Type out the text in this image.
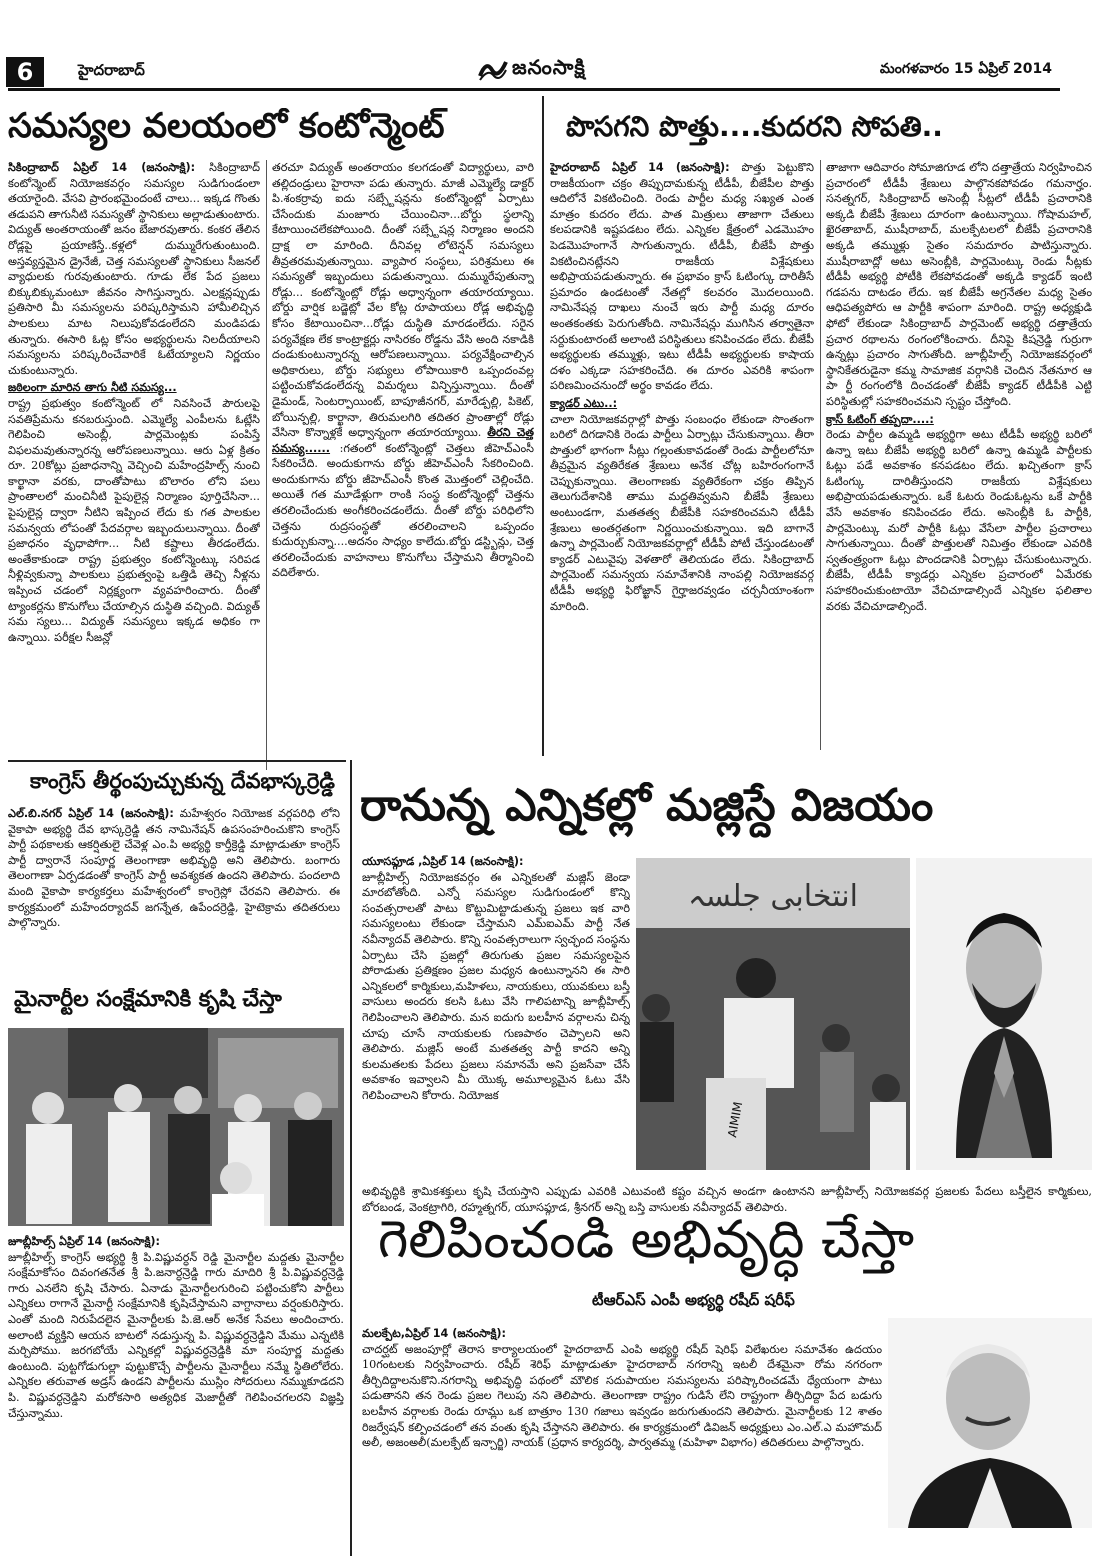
6	హైదరాబాద్	జనంసాక్షి	మంగళవారం 15 ఏప్రిల్ 2014
సమస్యల వలయంలో కంటోన్మెంట్
సికింద్రాబాద్ ఏప్రిల్ 14 (జనంసాక్షి): సికింద్రాబాద్ కంటోన్మెంట్ నియోజకవర్గం సమస్యల సుడిగుండంలా తయారైంది. వేసవి ప్రారంభమైందంటే చాలు... ఇక్కడ గొంతు తడుపని తాగునీటి సమస్యతో స్థానికులు అల్లాడుతుంటారు. విద్యుత్ అంతరాయంతో జనం బేజారవుతారు. కంకర తేలిన రోడ్లపై ప్రయాణిస్తే..కళ్లలో దుమ్మురేగుతుంటుంది. అస్తవ్యస్తమైన డ్రైనేజీ, చెత్త సమస్యలతో స్థానికులు సీజనల్ వ్యాధులకు గురవుతుంటారు. గూడు లేక పేద ప్రజలు బిక్కుబిక్కుమంటూ జీవనం సాగిస్తున్నారు. ఎలక్షన్లప్పుడు ప్రతిసారి మీ సమస్యలను పరిష్కరిస్తామని హామీలిచ్చిన పాలకులు మాట నిలుపుకోవడంలేదని మండిపడు తున్నారు. ఈసారి ఓట్ల కోసం అభ్యర్థులను నిలదీయాలని సమస్యలను పరిష్కరించేవారికే ఓటేయ్యాలని నిర్ణయం చుకుంటున్నారు.
జఠిలంగా మారిన తాగు నీటి సమస్య...
రాష్ట్ర ప్రభుత్వం కంటోన్మెంట్ లో నివసించే పౌరులపై సవతిప్రేమను కనబరుస్తుంది. ఎమ్మెల్యే ఎంపీలను ఓట్లేసి గెలిపించి అసెంబ్లీ, పార్లమెంట్లకు పంపిస్తే విఫలమవుతున్నారన్న ఆరోపణలున్నాయి. ఆరు ఏళ్ల క్రితం రూ. 20కోట్లు ప్రజాధనాన్ని వెచ్చించి మహేంద్రహిల్స్ నుంచి కార్ఖానా వరకు, దాంతోపాటు బొలారం లోని పలు ప్రాంతాలలో మంచినీటి పైపులైన్ల నిర్మాణం పూర్తిచేసినా... పైపులైన్ల ద్వారా నీటిని ఇప్పించ లేదు కు గత పాలకుల సమన్వయ లోపంతో పేదవర్గాల ఇబ్బందులున్నాయి. దీంతో ప్రజాధనం వృధాపోగా... నీటి కష్టాలు తీరడంలేదు. అంతేకాకుండా రాష్ట్ర ప్రభుత్వం కంటోన్మెంట్కు సరిపడ నీళ్లివ్వకున్నా పాలకులు ప్రభుత్వంపై ఒత్తిడి తెచ్చి నీళ్లను ఇప్పించ చడంలో నిర్లక్ష్యంగా వ్యవహరించారు. దీంతో ట్యాంకర్లను కొనుగోలు చేయాల్సిన దుస్థితి వచ్చింది. విద్యుత్ సమ స్యలు... విద్యుత్ సమస్యలు ఇక్కడ అధికం గా ఉన్నాయి. పరీక్షల సీజన్లో
తరచూ విద్యుత్ అంతరాయం కలగడంతో విద్యార్థులు, వారి తల్లిదండ్రులు హైరానా పడు తున్నారు. మాజీ ఎమ్మెల్యే డాక్టర్ పి.శంకర్రావు ఐదు సబ్స్టేషన్లను కంటోన్మెంట్లో ఏర్పాటు చేసేందుకు మంజూరు చేయించినా...బోర్డు స్థలాన్ని కేటాయించలేకపోయింది. దీంతో సబ్స్టేషన్ల నిర్మాణం అందని ద్రాక్ష లా మారింది. దీనివల్ల లోటెన్షన్ సమస్యలు తీవ్రతరమవుతున్నాయి. వ్యాపార సంస్థలు, పరిశ్రమలు ఈ సమస్యతో ఇబ్బందులు పడుతున్నాయి. దుమ్మురేపుతున్నా రోడ్లు... కంటోన్మెంట్లో రోడ్లు అధ్వాన్నంగా తయారయ్యాయి. బోర్డు వార్షిక బడ్జెట్లో వేల కోట్ల రూపాయలు రోడ్ల అభివృద్ధి కోసం కేటాయించినా...రోడ్లు దుస్థితి మారడంలేదు. సరైన పర్యవేక్షణ లేక కాంట్రాక్టర్లు నాసిరకం రోడ్డను వేసి అంది నకాడికి దండుకుంటున్నారన్న ఆరోపణలున్నాయి. పర్యవేక్షించాల్సిన అధికారులు, బోర్డు సభ్యులు లోపాయికారి ఒప్పందంవల్ల పట్టించుకోవడంలేదన్న విమర్శలు విన్పిస్తున్నాయి. దీంతో డైమండ్, సెంటర్పాయింట్, బాపూజీనగర్, మారేడ్పల్లి, పికెట్, బోయిన్పల్లి, కార్ఖానా, తిరుమలగిరి తదితర ప్రాంతాల్లో రోడ్లు వేసినా కొన్నాళ్లకే అధ్వాన్నంగా తయారయ్యాయి. తీరని చెత్త సమస్య...... :గతంలో కంటోన్మెంట్లో చెత్తలు జీహెచ్ఎంసీ సేకరించేది. అందుకుగాను బోర్డు జీహెచ్ఎంసీ సేకరించింది. అందుకుగాను బోర్డు జీహెచ్ఎంసీ కొంత మొత్తంలో చెల్లించేది. అయితే గత మూడేళ్లుగా రాంకి సంస్థ కంటోన్మెంట్లో చెత్తను తరలించేందుకు అంగీకరించడంలేదు. దీంతో బోర్డు పరిధిలోని చెత్తను రుద్రసంస్థతో తరలించాలని ఒప్పందం కుదుర్చుకున్నా....అదనం సాధ్యం కాలేదు.బోర్డు డస్ట్బిన్లు, చెత్త తరలించేందుకు వాహనాలు కొనుగోలు చేస్తామని తీర్మానించి వదిలేశారు.
పొసగని పొత్తు....కుదరని సోపతి..
హైదరాబాద్ ఏప్రిల్ 14 (జనంసాక్షి): పొత్తు పెట్టుకొని రాజకీయంగా చక్రం తిప్పుదామకున్న టీడీపీ, బీజేపీల పొత్తు ఆదిలోనే వికటించింది. రెండు పార్టీల మధ్య సఖ్యత ఎంత మాత్రం కుదరం లేదు. పాత మిత్రులు తాజాగా చేతులు కలపడానికి ఇష్టపడటం లేదు. ఎన్నికల క్షేత్రంలో ఎడమొహం పెడమొహంగానే సాగుతున్నారు. టీడీపీ, బీజేపీ పొత్తు వికటించినట్లేనని రాజకీయ విశ్లేషకులు అభిప్రాయపడుతున్నారు. ఈ ప్రభావం క్రాస్ ఓటింగ్కు దారితీసే ప్రమాదం ఉండటంతో నేతల్లో కలవరం మొదలయింది. నామినేషన్ల దాఖలు నుంచే ఇరు పార్టీ మధ్య దూరం అంతకంతకు పెరుగుతోంది. నామినేషన్లు ముగిసిన తర్వాతైనా సర్దుకుంటారంటే అలాంటి పరిస్థితులు కనిపించడం లేదు. బీజేపీ అభ్యర్థులకు తమ్ముళ్లు, ఇటు టీడీపీ అభ్యర్థులకు కాషాయ దళం ఎక్కడా సహకరించేది. ఈ దూరం ఎవరికి శాపంగా పరిణమించనుందో అర్థం కావడం లేదు.
క్యాడర్ ఎటు..:
చాలా నియోజకవర్గాల్లో పొత్తు సంబంధం లేకుండా సొంతంగా బరిలో దిగడానికి రెండు పార్టీలు ఏర్పాట్లు చేసుకున్నాయి. తీరా పొత్తులో భాగంగా సీట్లు గల్లంతుకావడంతో రెండు పార్టీలలోనూ తీవ్రమైన వ్యతిరేకత శ్రేణులు అనేక చోట్ల బహిరంగంగానే చెప్పుకున్నాయి. తెలంగాణకు వ్యతిరేకంగా చక్రం తిప్పిన తెలుగుదేశానికి తాము మద్దతివ్వమని బీజేపీ శ్రేణులు అంటుండగా, మతతత్వ బీజేపీకి సహకరించమని టీడీపీ శ్రేణులు అంతర్గతంగా నిర్ణయించుకున్నాయి. ఇది బాగానే ఉన్నా పార్లమెంట్ నియోజకవర్గాల్లో టీడీపీ పోటీ చేస్తుండటంతో క్యాడర్ ఎటువైపు వెళతారో తెలియడం లేదు. సికింద్రాబాద్ పార్లమెంట్ సమన్వయ సమావేశానికి నాంపల్లి నియోజకవర్గ టీడీపీ అభ్యర్థి ఫిరోజ్ఖాన్ గైర్హాజరవ్వడం చర్చనీయాంశంగా మారింది.
తాజాగా ఆదివారం సోమాజిగూడ లోని దత్తాత్రేయ నిర్వహించిన ప్రచారంలో టీడీపీ శ్రేణులు పాల్గొనకపోవడం గమనార్హం. సనత్నగర్, సికింద్రాబాద్ అసెంబ్లీ సీట్లలో టీడీపీ ప్రచారానికి అక్కడి బీజేపీ శ్రేణులు దూరంగా ఉంటున్నాయి. గోషామహల్, ఖైరతాబాద్, ముషీరాబాద్, మలక్పేటలలో బీజేపీ ప్రచారానికి అక్కడి తమ్ముళ్లు సైతం సమదూరం పాటిస్తున్నారు. ముషీరాబాద్లో అటు అసెంబ్లీకి, పార్లమెంట్కు రెండు సీట్లకు టీడీపీ అభ్యర్థి పోటీకి లేకపోవడంతో అక్కడి క్యాడర్ ఇంటి గడపను దాటడం లేదు. ఇక బీజేపీ అగ్రనేతల మధ్య సైతం ఆధిపత్యపోరు ఆ పార్టీకి శాపంగా మారింది. రాష్ట్ర అధ్యక్షుడి ఫోటో లేకుండా సికింద్రాబాద్ పార్లమెంట్ అభ్యర్థి దత్తాత్రేయ ప్రచార రథాలను రంగంలోకించారు. దీనిపై కిషన్రెడ్డి గుర్రుగా ఉన్నట్లు ప్రచారం సాగుతోంది. జూబ్లీహిల్స్ నియోజకవర్గంలో స్థానికేతరుడైనా కమ్మ సామాజిక వర్గానికి చెందిన నేతనూర ఆ పా ర్టీ రంగంలోకి దించడంతో బీజేపీ క్యాడర్ టీడీపీకి ఎట్టి పరిస్థితుల్లో సహకరించమని స్పష్టం చేస్తోంది.
క్రాస్ ఓటింగ్ తప్పదా....:
రెండు పార్టీల ఉమ్మడి అభ్యర్థిగా అటు టీడీపీ అభ్యర్థి బరిలో ఉన్నా ఇటు బీజేపీ అభ్యర్థి బరిలో ఉన్నా ఉమ్మడి పార్టీలకు ఓట్లు పడే అవకాశం కనపడటం లేదు. ఖచ్చితంగా క్రాస్ ఓటింగ్కు దారితీస్తుందని రాజకీయ విశ్లేషకులు అభిప్రాయపడుతున్నారు. ఒకే ఓటరు రెండుఓట్లను ఒకే పార్టీకి వేసే అవకాశం కనిపించడం లేదు. అసెంబ్లీకి ఓ పార్టీకి, పార్లమెంట్కు మరో పార్టీకి ఓట్లు వేసేలా పార్టీల ప్రచారాలు సాగుతున్నాయి. దీంతో పొత్తులతో నిమిత్తం లేకుండా ఎవరికి స్వతంత్ర్యంగా ఓట్లు పొందడానికి ఏర్పాట్లు చేసుకుంటున్నారు. బీజేపీ, టీడీపీ క్యాడర్లు ఎన్నికల ప్రచారంలో ఏమేరకు సహకరించుకుంటాయో వేచిచూడాల్సిందే ఎన్నికల ఫలితాల వరకు వేచిచూడాల్సిందే.
కాంగ్రెస్ తీర్థంపుచ్చుకున్న దేవభాస్కర్రెడ్డి
ఎల్.బి.నగర్ ఏప్రిల్ 14 (జనంసాక్షి): మహేశ్వరం నియోజక వర్గపరిధి లోని వైకాపా అభ్యర్థి దేవ భాస్కర్రెడ్డి తన నామినేషన్ ఉపసంహరించుకొని కాంగ్రెస్ పార్టీ పథకాలకు ఆకర్షితులై చేవెళ్ల ఎం.పి అభ్యర్థి కార్తీక్రెడ్డి మాట్లాడుతూ కాంగ్రెస్ పార్టీ ద్వారానే సంపూర్ణ తెలంగాణా అభివృద్ధి అని తెలిపారు. బంగారు తెలంగాణా ఏర్పడడంతో కాంగ్రెస్ పార్టీ అవశ్యకత ఉందని తెలిపారు. పందలాది మంది వైకాపా కార్యకర్తలు మహేశ్వరంలో కాంగ్రెస్లో చేరవని తెలిపారు. ఈ కార్యక్రమంలో మహేందర్యాదవ్ జగన్నేత, ఉపేందర్రెడ్డి, హైటెక్రామ తదితరులు పాల్గొన్నారు.
మైనార్టీల సంక్షేమానికి కృషి చేస్తా
జూబ్లీహిల్స్ ఏప్రిల్ 14 (జనంసాక్షి):
జూబ్లీహిల్స్ కాంగ్రెస్ అభ్యర్థి శ్రీ పి.విష్ణువర్ధన్ రెడ్డి మైనార్టీల మద్దతు మైనార్టీల సంక్షేమాకోసం దివంగతనేత శ్రీ పి.జనార్ధన్రెడ్డి గారు మాదిరి శ్రీ పి.విష్ణువర్ధన్రెడ్డి గారు ఎనలేని కృషి చేసారు. ఏనాడు మైనార్టీలగురించి పట్టించుకోని పార్టీలు ఎన్నికలు రాగానే మైనార్టీ సంక్షేమానికి కృషిచేస్తామని వాగ్దానాలు వర్షంకురిస్తారు. ఎంతో మంది నిరుపేదలైన మైనార్టీలకు పి.జె.ఆర్ అనేక సేవలు అందించారు. అలాంటి వ్యక్తిని ఆయన బాటలో నడుస్తున్న పి. విష్ణువర్ధన్రెడ్డిని మేము ఎన్నటికి మర్చిపోము. జరగబోయే ఎన్నికల్లో విష్ణువర్ధన్రెడ్డికి మా సంపూర్ణ మద్దతు ఉంటుంది. పుట్టగోడుగుల్లా పుట్టుకొచ్చే పార్టీలను మైనార్టీలు నమ్మే స్థితిలోలేరు. ఎన్నికల తరువాత అడ్రస్ ఉండని పార్టీలను ముస్లిం సోదరులు నమ్ముకూడదని పి. విష్ణువర్ధన్రెడ్డిని మరోకసారి అత్యధిక మెజార్టీతో గెలిపించగలరని విజ్ఞప్తి చేస్తున్నాము.
రానున్న ఎన్నికల్లో మజ్లిస్దే విజయం
యూసఫ్గూడ ,ఏప్రిల్ 14 (జనంసాక్షి):
జూబ్లీహిల్స్ నియోజకవర్గం ఈ ఎన్నికలతో మజ్లిస్ జెండా మారబోతోంది. ఎన్నో సమస్యల సుడిగుండంలో కొన్ని సంవత్సరాలతో పాటు కొట్టుమిట్టాడుతున్న ప్రజలు ఇక వారి సమస్యలంటు లేకుండా చేస్తామని ఎమ్ఐఎమ్ పార్టీ నేత నవీన్యాదవ్ తెలిపారు. కొన్ని సంవత్సరాలుగా స్వచ్ఛంద సంస్థను ఏర్పాటు చేసి ప్రజల్లో తిరుగుతు ప్రజల సమస్యలపైన పోరాడుతు ప్రతిక్షణం ప్రజల మధ్యన ఉంటున్నానని ఈ సారి ఎన్నికలలో కార్మికులు,మహిళలు, నాయకులు, యువకులు బస్తీ వాసులు అందరు కలసి ఓటు వేసి గాలిపటాన్ని జూబ్లీహిల్స్ గెలిపించాలని తెలిపారు. మన ఐదుగు బలహీన వర్గాలను చిన్న చూపు చూసే నాయకులకు గుణపాఠం చెప్పాలని అని తెలిపారు. మజ్లిస్ అంటే మతతత్వ పార్టీ కాదని అన్ని కులమతలకు పేదలు ప్రజలు సమానమే అని ప్రజసేవా చేసే అవకాశం ఇవ్వాలని మీ యొక్క అమూల్యమైన ఓటు వేసి గెలిపించాలని కోరారు. నియోజక
انتخابی جلسہ
AIMIM
అభివృద్ధికి శ్రామికశక్తులు కృషి చేయస్తాని ఎప్పుడు ఎవరికి ఎటువంటి కష్టం వచ్చిన అండగా ఉంటానని జూబ్లీహిల్స్ నియోజకవర్గ ప్రజలకు పేదలు బస్తీలైన కార్మికులు, బోరబండ, వెంకట్రాగిరి, రహ్మత్నగర్, యూసఫ్గూడ, శ్రీనగర్ అన్ని బస్తి వాసులకు నవీన్యాదవ్ తెలిపారు.
గెలిపించండి అభివృద్ధి చేస్తా
టీఆర్ఎస్ ఎంపీ అభ్యర్థి రషీద్ షరీఫ్
మలక్పేట,ఏప్రిల్ 14 (జనంసాక్షి):
చాదర్ఘట్ అజంపూర్లో తెరాస కార్యాలయంలో హైదరాబాద్ ఎంపి అభ్యర్థి రషీద్ షెరిఫ్ విలేఖరుల సమావేశం ఉదయం 10గంటలకు నిర్వహించారు. రషీద్ శెరిఫ్ మాట్లాడుతూ హైదరాబాద్ నగరాన్ని ఇటలీ దేశమైనా రోమ నగరంగా తీర్చిదిద్దాలనుకొని.నగరాన్ని అభివృద్ధి పథంలో మౌలిక సదుపాయల సమస్యలను పరిష్కారించడమే ధ్యేయంగా పాటు పడుతానని తన రెండు ప్రజల గెలుపు నని తెలిపారు. తెలంగాణా రాష్ట్రం గుడిసే లేని రాష్ట్రంగా తీర్చిదిద్దా పేద బడుగు బలహీన వర్గాలకు రెండు రూమ్లు ఒక బాత్రూం 130 గజాలు ఇవ్వడం జరుగుతుందని తెలిపారు. మైనార్టీలకు 12 శాతం రిజర్వేషన్ కల్పించడంలో తన వంతు కృషి చేస్తానని తెలిపారు. ఈ కార్యక్రమంలో డివిజన్ అధ్యక్షులు ఎం.ఎల్.ఎ మహొమద్ అలీ, అజంఅలీ(మలక్పేట్ ఇన్చార్జి) నాయక్ (ప్రధాన కార్యదర్శి, పార్వతమ్మ (మహిళా విభాగం) తదితరులు పాల్గొన్నారు.
